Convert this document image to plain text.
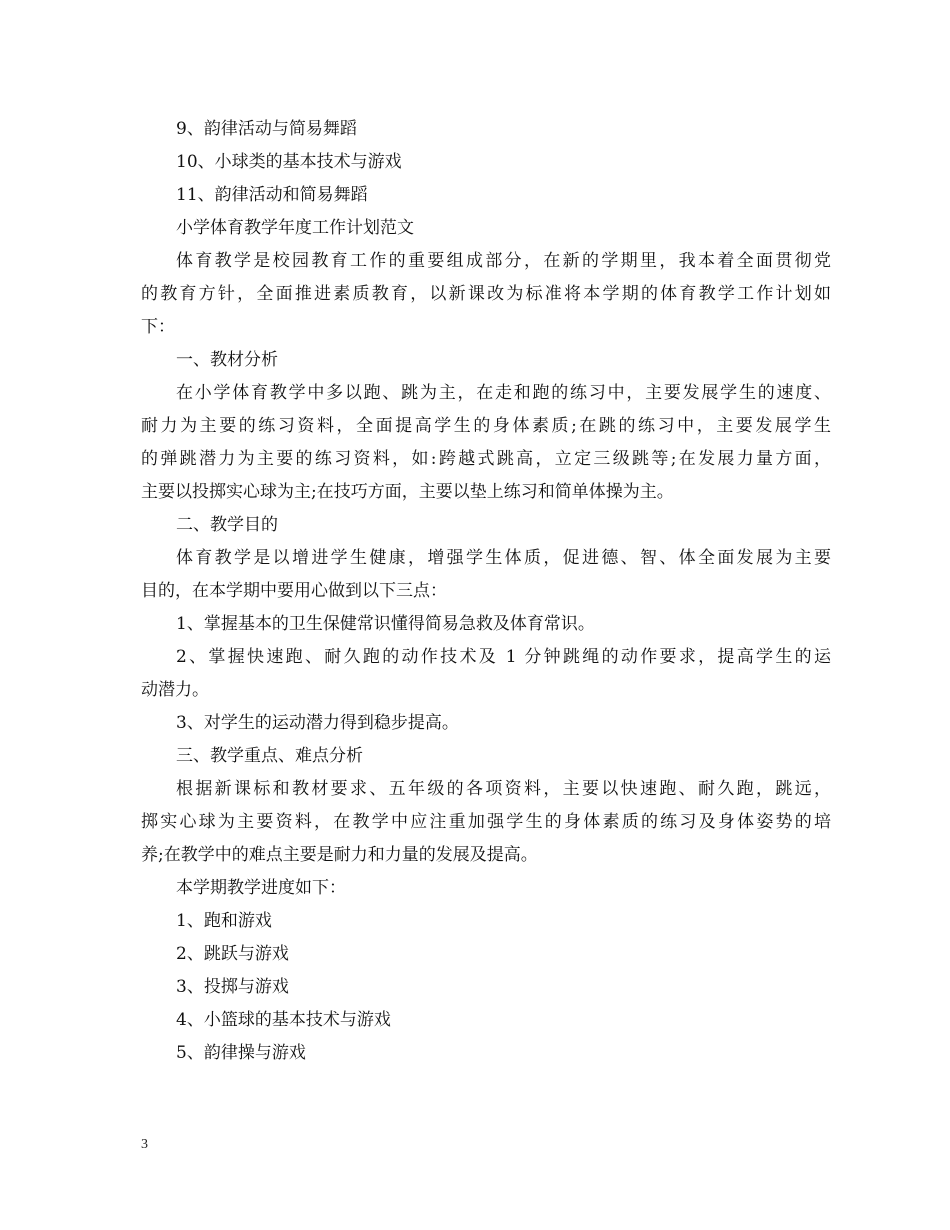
9、韵律活动与简易舞蹈
10、小球类的基本技术与游戏
11、韵律活动和简易舞蹈
小学体育教学年度工作计划范文
体育教学是校园教育工作的重要组成部分，在新的学期里，我本着全面贯彻党
的教育方针，全面推进素质教育，以新课改为标准将本学期的体育教学工作计划如
下：
一、教材分析
在小学体育教学中多以跑、跳为主，在走和跑的练习中，主要发展学生的速度、
耐力为主要的练习资料，全面提高学生的身体素质;在跳的练习中，主要发展学生
的弹跳潜力为主要的练习资料，如:跨越式跳高，立定三级跳等;在发展力量方面，
主要以投掷实心球为主;在技巧方面，主要以垫上练习和简单体操为主。
二、教学目的
体育教学是以增进学生健康，增强学生体质，促进德、智、体全面发展为主要
目的，在本学期中要用心做到以下三点：
1、掌握基本的卫生保健常识懂得简易急救及体育常识。
2、掌握快速跑、耐久跑的动作技术及 1 分钟跳绳的动作要求，提高学生的运
动潜力。
3、对学生的运动潜力得到稳步提高。
三、教学重点、难点分析
根据新课标和教材要求、五年级的各项资料，主要以快速跑、耐久跑，跳远，
掷实心球为主要资料，在教学中应注重加强学生的身体素质的练习及身体姿势的培
养;在教学中的难点主要是耐力和力量的发展及提高。
本学期教学进度如下：
1、跑和游戏
2、跳跃与游戏
3、投掷与游戏
4、小篮球的基本技术与游戏
5、韵律操与游戏
3
